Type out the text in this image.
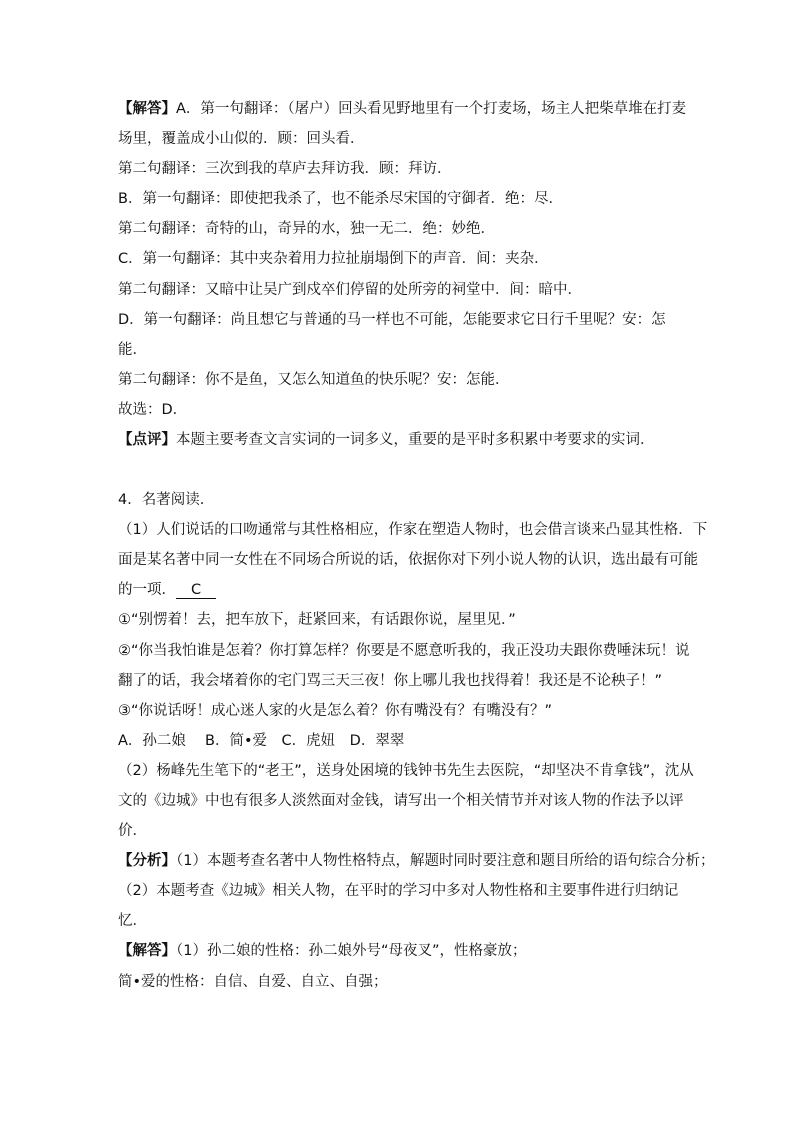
【解答】A．第一句翻译：（屠户）回头看见野地里有一个打麦场，场主人把柴草堆在打麦
场里，覆盖成小山似的．顾：回头看．
第二句翻译：三次到我的草庐去拜访我．顾：拜访．
B．第一句翻译：即使把我杀了，也不能杀尽宋国的守御者．绝：尽．
第二句翻译：奇特的山，奇异的水，独一无二．绝：妙绝．
C．第一句翻译：其中夹杂着用力拉扯崩塌倒下的声音．间：夹杂．
第二句翻译：又暗中让吴广到戍卒们停留的处所旁的祠堂中．间：暗中．
D．第一句翻译：尚且想它与普通的马一样也不可能，怎能要求它日行千里呢？安：怎
能．
第二句翻译：你不是鱼，又怎么知道鱼的快乐呢？安：怎能．
故选：D．
【点评】本题主要考查文言实词的一词多义，重要的是平时多积累中考要求的实词．
4．名著阅读．
（1）人们说话的口吻通常与其性格相应，作家在塑造人物时，也会借言谈来凸显其性格．下
面是某名著中同一女性在不同场合所说的话，依据你对下列小说人物的认识，选出最有可能
的一项． C
①“别愣着！去，把车放下，赶紧回来，有话跟你说，屋里见．”
②“你当我怕谁是怎着？你打算怎样？你要是不愿意听我的，我正没功夫跟你费唾沫玩！说
翻了的话，我会堵着你的宅门骂三天三夜！你上哪儿我也找得着！我还是不论秧子！”
③“你说话呀！成心迷人家的火是怎么着？你有嘴没有？有嘴没有？”
A．孙二娘　 B．简•爱　C．虎妞　D．翠翠
（2）杨峰先生笔下的“老王”，送身处困境的钱钟书先生去医院，“却坚决不肯拿钱”，沈从
文的《边城》中也有很多人淡然面对金钱，请写出一个相关情节并对该人物的作法予以评
价．
【分析】（1）本题考查名著中人物性格特点，解题时同时要注意和题目所给的语句综合分析；
（2）本题考查《边城》相关人物，在平时的学习中多对人物性格和主要事件进行归纳记
忆．
【解答】（1）孙二娘的性格：孙二娘外号“母夜叉”，性格豪放；
简•爱的性格：自信、自爱、自立、自强；
